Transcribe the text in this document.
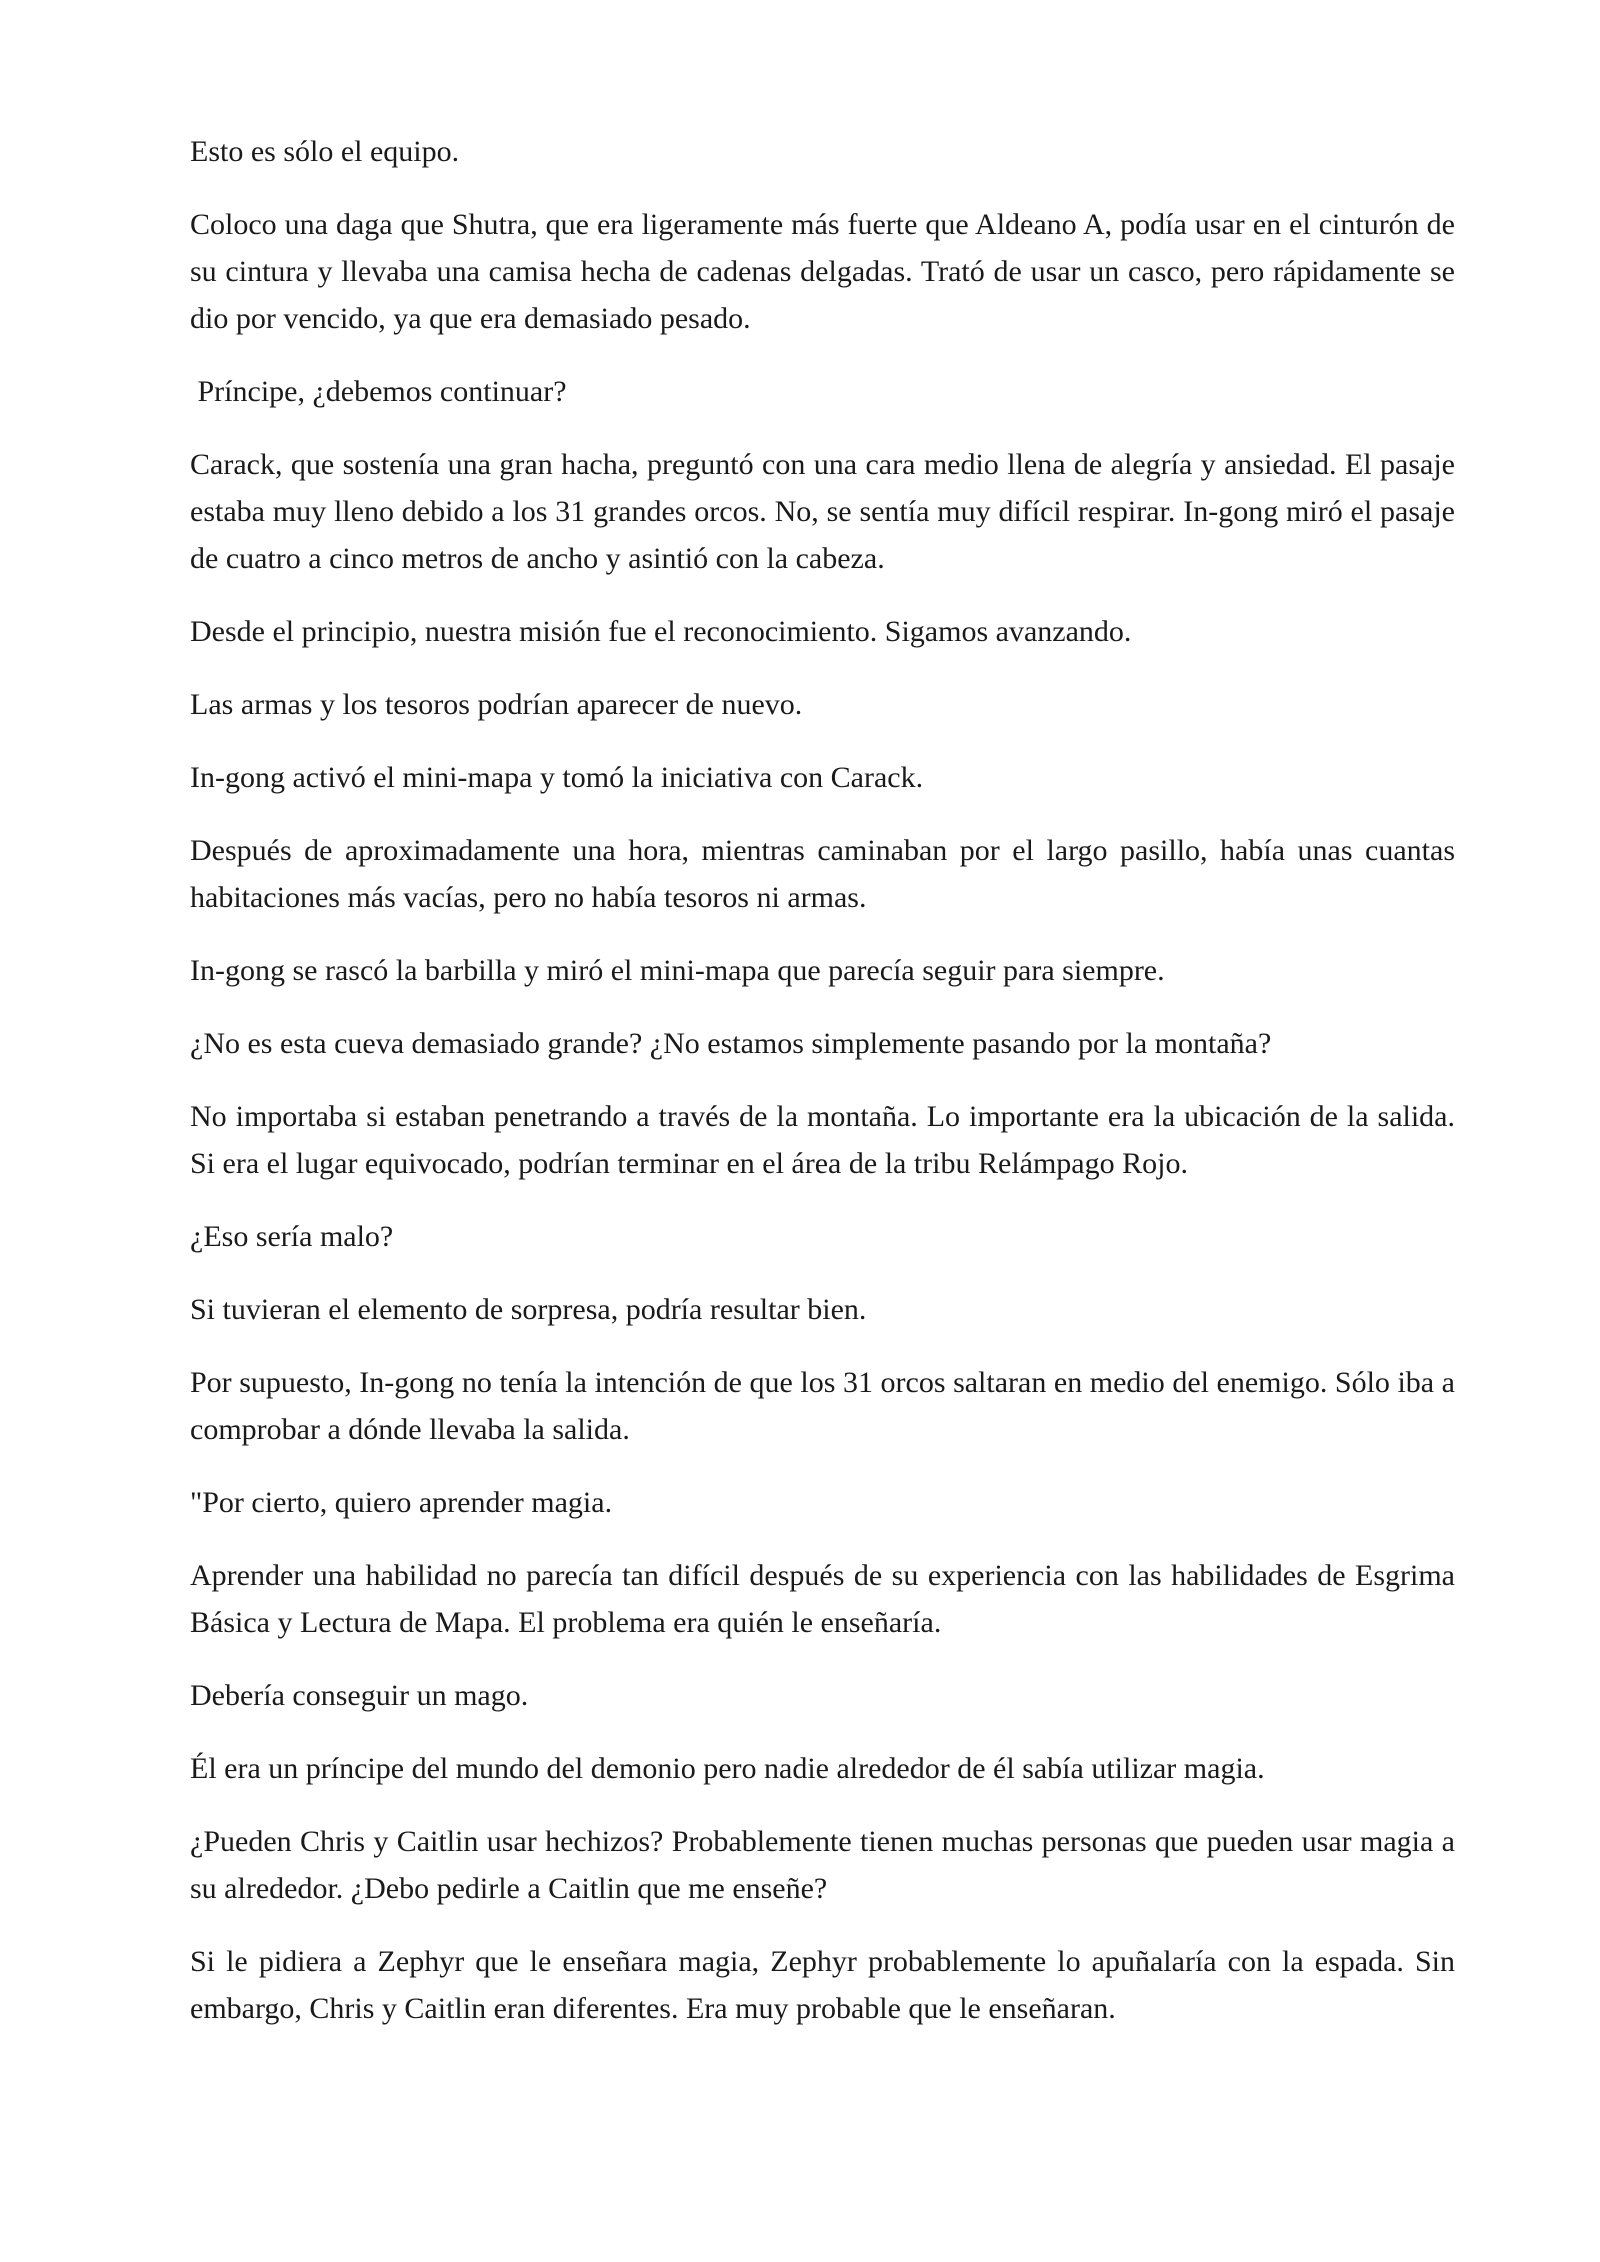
Esto es sólo el equipo.

Coloco una daga que Shutra, que era ligeramente más fuerte que Aldeano A, podía usar en el cinturón de su cintura y llevaba una camisa hecha de cadenas delgadas. Trató de usar un casco, pero rápidamente se dio por vencido, ya que era demasiado pesado.

Príncipe, ¿debemos continuar?

Carack, que sostenía una gran hacha, preguntó con una cara medio llena de alegría y ansiedad. El pasaje estaba muy lleno debido a los 31 grandes orcos. No, se sentía muy difícil respirar. In-gong miró el pasaje de cuatro a cinco metros de ancho y asintió con la cabeza.

Desde el principio, nuestra misión fue el reconocimiento. Sigamos avanzando.

Las armas y los tesoros podrían aparecer de nuevo.

In-gong activó el mini-mapa y tomó la iniciativa con Carack.

Después de aproximadamente una hora, mientras caminaban por el largo pasillo, había unas cuantas habitaciones más vacías, pero no había tesoros ni armas.

In-gong se rascó la barbilla y miró el mini-mapa que parecía seguir para siempre.

¿No es esta cueva demasiado grande? ¿No estamos simplemente pasando por la montaña?

No importaba si estaban penetrando a través de la montaña. Lo importante era la ubicación de la salida. Si era el lugar equivocado, podrían terminar en el área de la tribu Relámpago Rojo.

¿Eso sería malo?

Si tuvieran el elemento de sorpresa, podría resultar bien.

Por supuesto, In-gong no tenía la intención de que los 31 orcos saltaran en medio del enemigo. Sólo iba a comprobar a dónde llevaba la salida.

"Por cierto, quiero aprender magia.

Aprender una habilidad no parecía tan difícil después de su experiencia con las habilidades de Esgrima Básica y Lectura de Mapa. El problema era quién le enseñaría.

Debería conseguir un mago.

Él era un príncipe del mundo del demonio pero nadie alrededor de él sabía utilizar magia.

¿Pueden Chris y Caitlin usar hechizos? Probablemente tienen muchas personas que pueden usar magia a su alrededor. ¿Debo pedirle a Caitlin que me enseñe?

Si le pidiera a Zephyr que le enseñara magia, Zephyr probablemente lo apuñalaría con la espada. Sin embargo, Chris y Caitlin eran diferentes. Era muy probable que le enseñaran.
